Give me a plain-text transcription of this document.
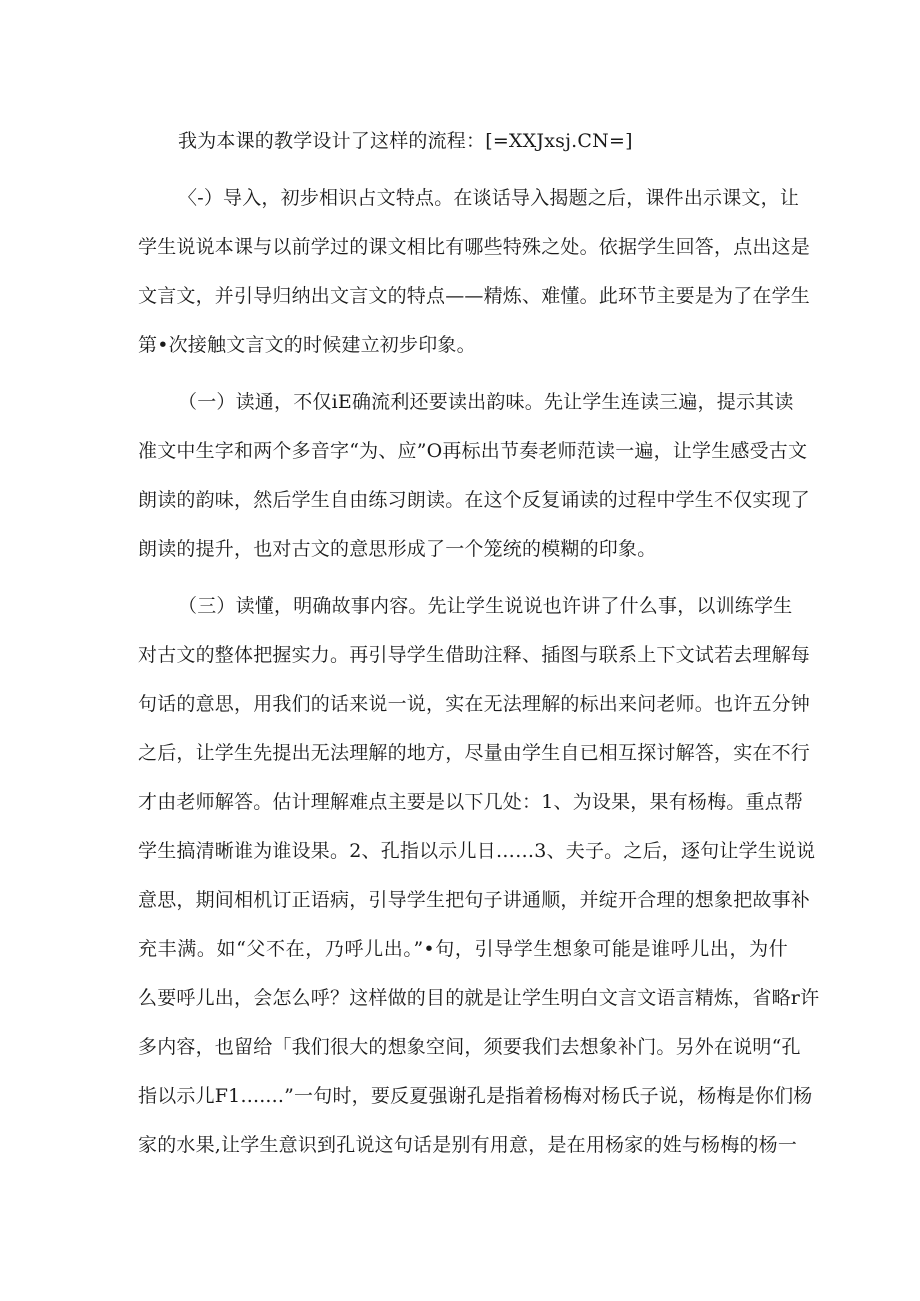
我为本课的教学设计了这样的流程：[=XXJxsj.CN=]
〈-）导入，初步相识占文特点。在谈话导入揭题之后，课件出示课文，让
学生说说本课与以前学过的课文相比有哪些特殊之处。依据学生回答，点出这是
文言文，并引导归纳出文言文的特点——精炼、难懂。此环节主要是为了在学生
第•次接触文言文的时候建立初步印象。
（一）读通，不仅iE确流利还要读出韵味。先让学生连读三遍，提示其读
准文中生字和两个多音字“为、应”O再标出节奏老师范读一遍，让学生感受古文
朗读的韵味，然后学生自由练习朗读。在这个反复诵读的过程中学生不仅实现了
朗读的提升，也对古文的意思形成了一个笼统的模糊的印象。
（三）读懂，明确故事内容。先让学生说说也许讲了什么事，以训练学生
对古文的整体把握实力。再引导学生借助注释、插图与联系上下文试若去理解每
句话的意思，用我们的话来说一说，实在无法理解的标出来问老师。也许五分钟
之后，让学生先提出无法理解的地方，尽量由学生自已相互探讨解答，实在不行
才由老师解答。估计理解难点主要是以下几处：1、为设果，果有杨梅。重点帮
学生搞清晰谁为谁设果。2、孔指以示儿日……3、夫子。之后，逐句让学生说说
意思，期间相机订正语病，引导学生把句子讲通顺，并绽开合理的想象把故事补
充丰满。如“父不在，乃呼儿出。”•句，引导学生想象可能是谁呼儿出，为什
么要呼儿出，会怎么呼？这样做的目的就是让学生明白文言文语言精炼，省略r许
多内容，也留给「我们很大的想象空间，须要我们去想象补门。另外在说明“孔
指以示儿F1.......”一句时，要反夏强谢孔是指着杨梅对杨氏子说，杨梅是你们杨
家的水果,让学生意识到孔说这句话是别有用意，是在用杨家的姓与杨梅的杨一
